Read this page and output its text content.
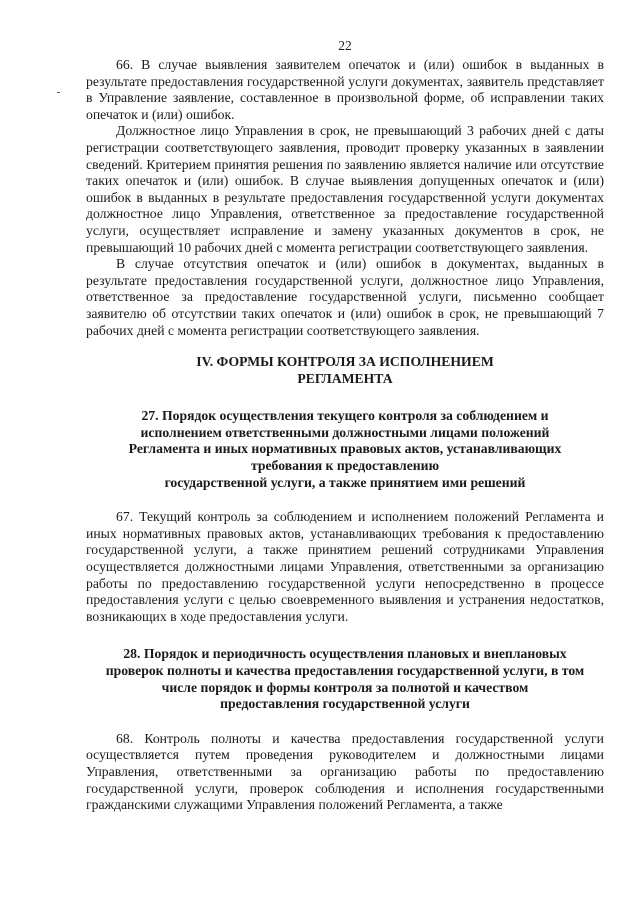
22

66. В случае выявления заявителем опечаток и (или) ошибок в выданных в результате предоставления государственной услуги документах, заявитель представляет в Управление заявление, составленное в произвольной форме, об исправлении таких опечаток и (или) ошибок.

Должностное лицо Управления в срок, не превышающий 3 рабочих дней с даты регистрации соответствующего заявления, проводит проверку указанных в заявлении сведений. Критерием принятия решения по заявлению является наличие или отсутствие таких опечаток и (или) ошибок. В случае выявления допущенных опечаток и (или) ошибок в выданных в результате предоставления государственной услуги документах должностное лицо Управления, ответственное за предоставление государственной услуги, осуществляет исправление и замену указанных документов в срок, не превышающий 10 рабочих дней с момента регистрации соответствующего заявления.

В случае отсутствия опечаток и (или) ошибок в документах, выданных в результате предоставления государственной услуги, должностное лицо Управления, ответственное за предоставление государственной услуги, письменно сообщает заявителю об отсутствии таких опечаток и (или) ошибок в срок, не превышающий 7 рабочих дней с момента регистрации соответствующего заявления.

IV. ФОРМЫ КОНТРОЛЯ ЗА ИСПОЛНЕНИЕМ
РЕГЛАМЕНТА
27. Порядок осуществления текущего контроля за соблюдением и
исполнением ответственными должностными лицами положений
Регламента и иных нормативных правовых актов, устанавливающих
требования к предоставлению
государственной услуги, а также принятием ими решений

67. Текущий контроль за соблюдением и исполнением положений Регламента и иных нормативных правовых актов, устанавливающих требования к предоставлению государственной услуги, а также принятием решений сотрудниками Управления осуществляется должностными лицами Управления, ответственными за организацию работы по предоставлению государственной услуги непосредственно в процессе предоставления услуги с целью своевременного выявления и устранения недостатков, возникающих в ходе предоставления услуги.

28. Порядок и периодичность осуществления плановых и внеплановых
проверок полноты и качества предоставления государственной услуги, в том
числе порядок и формы контроля за полнотой и качеством
предоставления государственной услуги

68. Контроль полноты и качества предоставления государственной услуги осуществляется путем проведения руководителем и должностными лицами Управления, ответственными за организацию работы по предоставлению государственной услуги, проверок соблюдения и исполнения государственными гражданскими служащими Управления положений Регламента, а также
